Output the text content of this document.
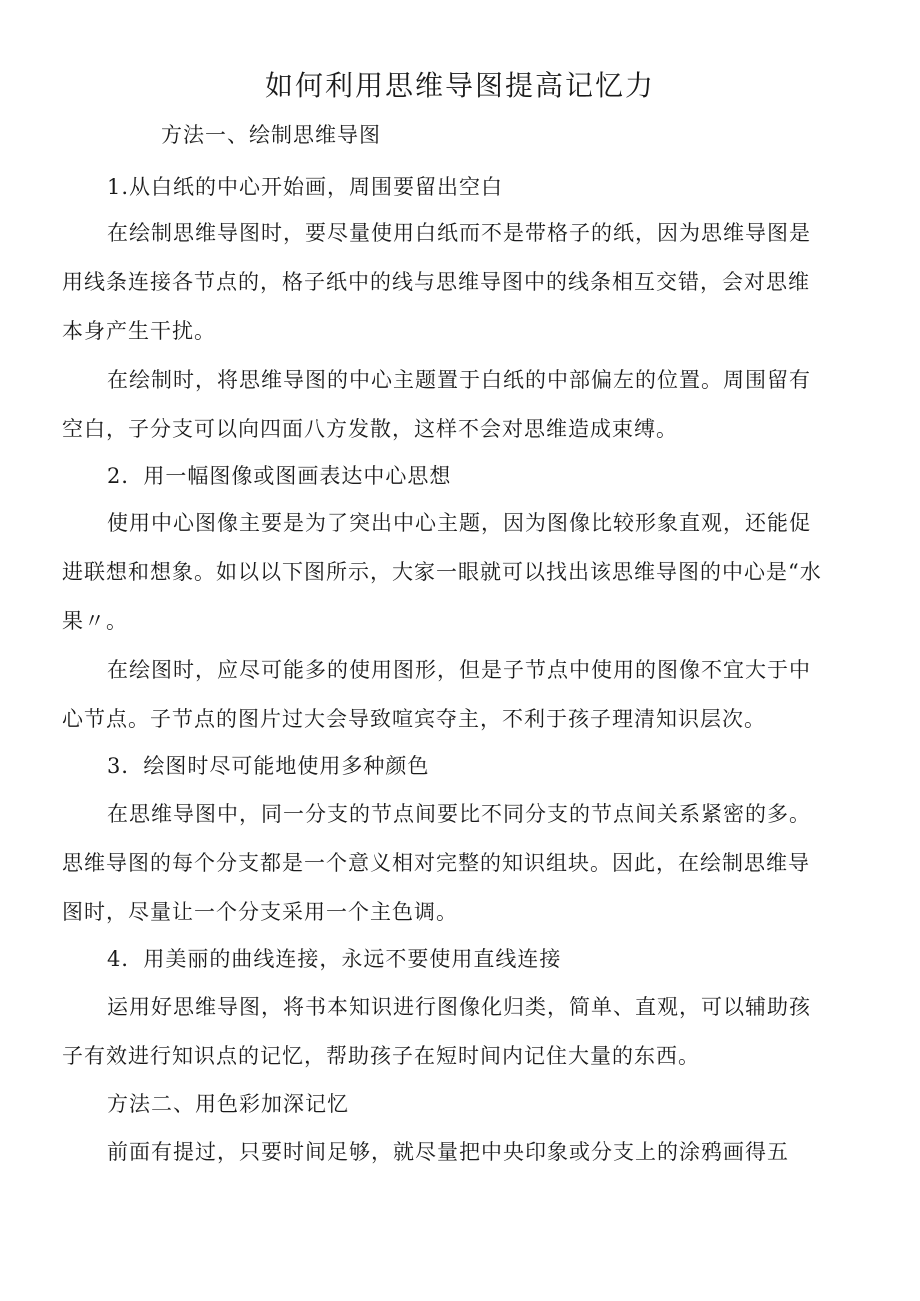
如何利用思维导图提高记忆力

方法一、绘制思维导图

1.从白纸的中心开始画，周围要留出空白

在绘制思维导图时，要尽量使用白纸而不是带格子的纸，因为思维导图是

用线条连接各节点的，格子纸中的线与思维导图中的线条相互交错，会对思维

本身产生干扰。

在绘制时，将思维导图的中心主题置于白纸的中部偏左的位置。周围留有

空白，子分支可以向四面八方发散，这样不会对思维造成束缚。

2．用一幅图像或图画表达中心思想

使用中心图像主要是为了突出中心主题，因为图像比较形象直观，还能促

进联想和想象。如以以下图所示，大家一眼就可以找出该思维导图的中心是“水

果〃。

在绘图时，应尽可能多的使用图形，但是子节点中使用的图像不宜大于中

心节点。子节点的图片过大会导致喧宾夺主，不利于孩子理清知识层次。

3．绘图时尽可能地使用多种颜色

在思维导图中，同一分支的节点间要比不同分支的节点间关系紧密的多。

思维导图的每个分支都是一个意义相对完整的知识组块。因此，在绘制思维导

图时，尽量让一个分支采用一个主色调。

4．用美丽的曲线连接，永远不要使用直线连接

运用好思维导图，将书本知识进行图像化归类，简单、直观，可以辅助孩

子有效进行知识点的记忆，帮助孩子在短时间内记住大量的东西。

方法二、用色彩加深记忆

前面有提过，只要时间足够，就尽量把中央印象或分支上的涂鸦画得五
